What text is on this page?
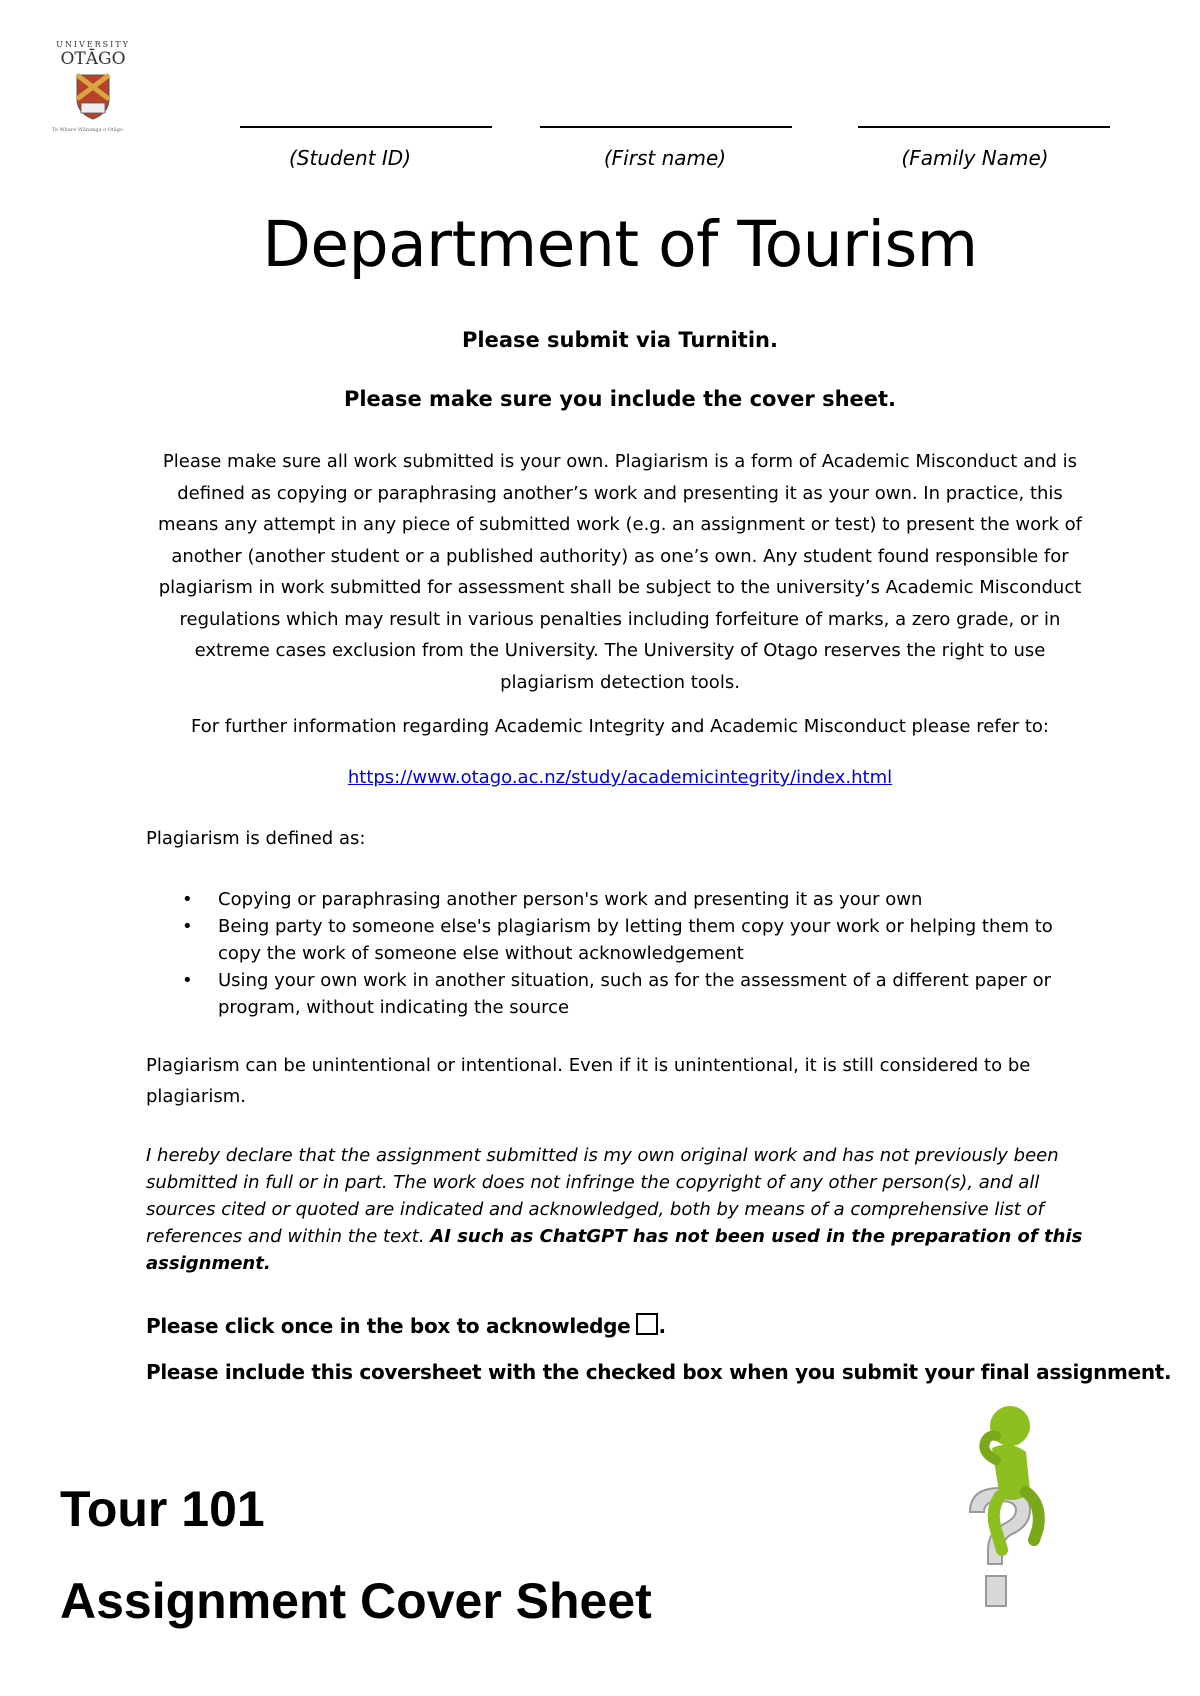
UNIVERSITY
OTĀGO
Te Whare Wānanga o Otāgo
(Student ID)	(First name)	(Family Name)
Department of Tourism
Please submit via Turnitin.
Please make sure you include the cover sheet.
Please make sure all work submitted is your own. Plagiarism is a form of Academic Misconduct and is defined as copying or paraphrasing another’s work and presenting it as your own. In practice, this means any attempt in any piece of submitted work (e.g. an assignment or test) to present the work of another (another student or a published authority) as one’s own. Any student found responsible for plagiarism in work submitted for assessment shall be subject to the university’s Academic Misconduct regulations which may result in various penalties including forfeiture of marks, a zero grade, or in extreme cases exclusion from the University. The University of Otago reserves the right to use plagiarism detection tools.
For further information regarding Academic Integrity and Academic Misconduct please refer to:
https://www.otago.ac.nz/study/academicintegrity/index.html
Plagiarism is defined as:
• Copying or paraphrasing another person's work and presenting it as your own
• Being party to someone else's plagiarism by letting them copy your work or helping them to copy the work of someone else without acknowledgement
• Using your own work in another situation, such as for the assessment of a different paper or program, without indicating the source
Plagiarism can be unintentional or intentional. Even if it is unintentional, it is still considered to be plagiarism.
I hereby declare that the assignment submitted is my own original work and has not previously been submitted in full or in part. The work does not infringe the copyright of any other person(s), and all sources cited or quoted are indicated and acknowledged, both by means of a comprehensive list of references and within the text. AI such as ChatGPT has not been used in the preparation of this assignment.
Please click once in the box to acknowledge .
Please include this coversheet with the checked box when you submit your final assignment.
Tour 101
Assignment Cover Sheet
